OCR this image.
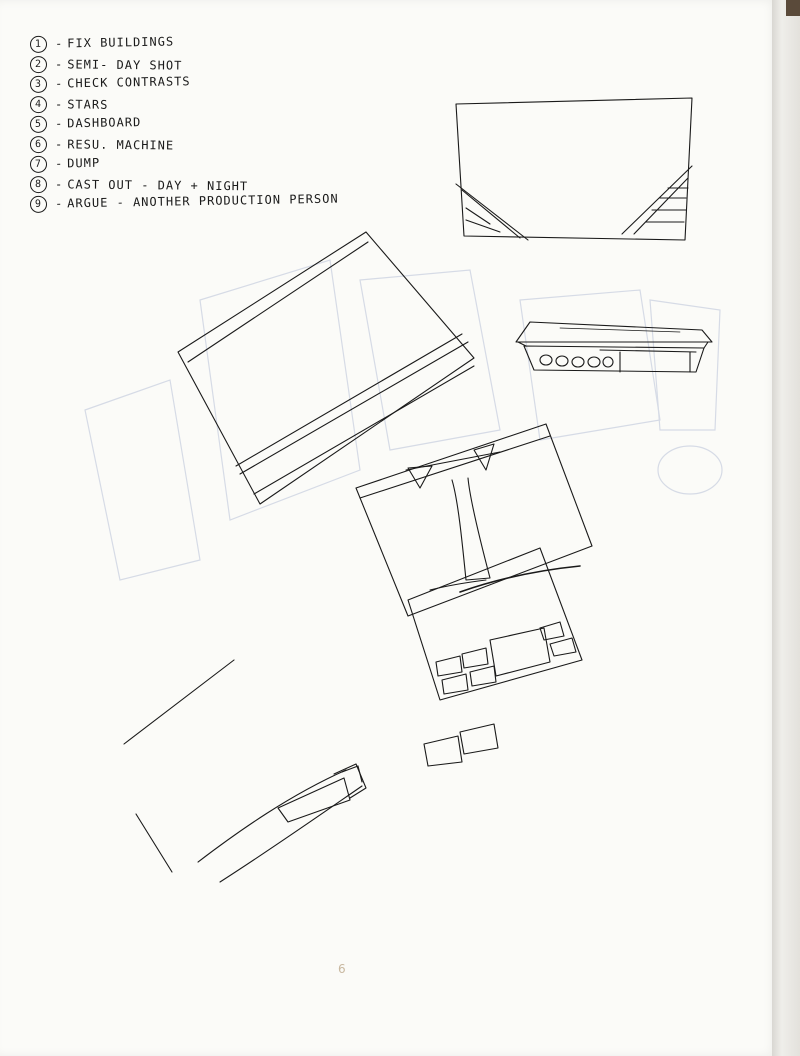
1	- FIX BUILDINGS
2	- SEMI- DAY SHOT
3	- CHECK CONTRASTS
4	- STARS
5	- DASHBOARD
6	- RESU. MACHINE
7	- DUMP
8	- CAST OUT - DAY + NIGHT
9	- ARGUE - ANOTHER PRODUCTION PERSON
6
